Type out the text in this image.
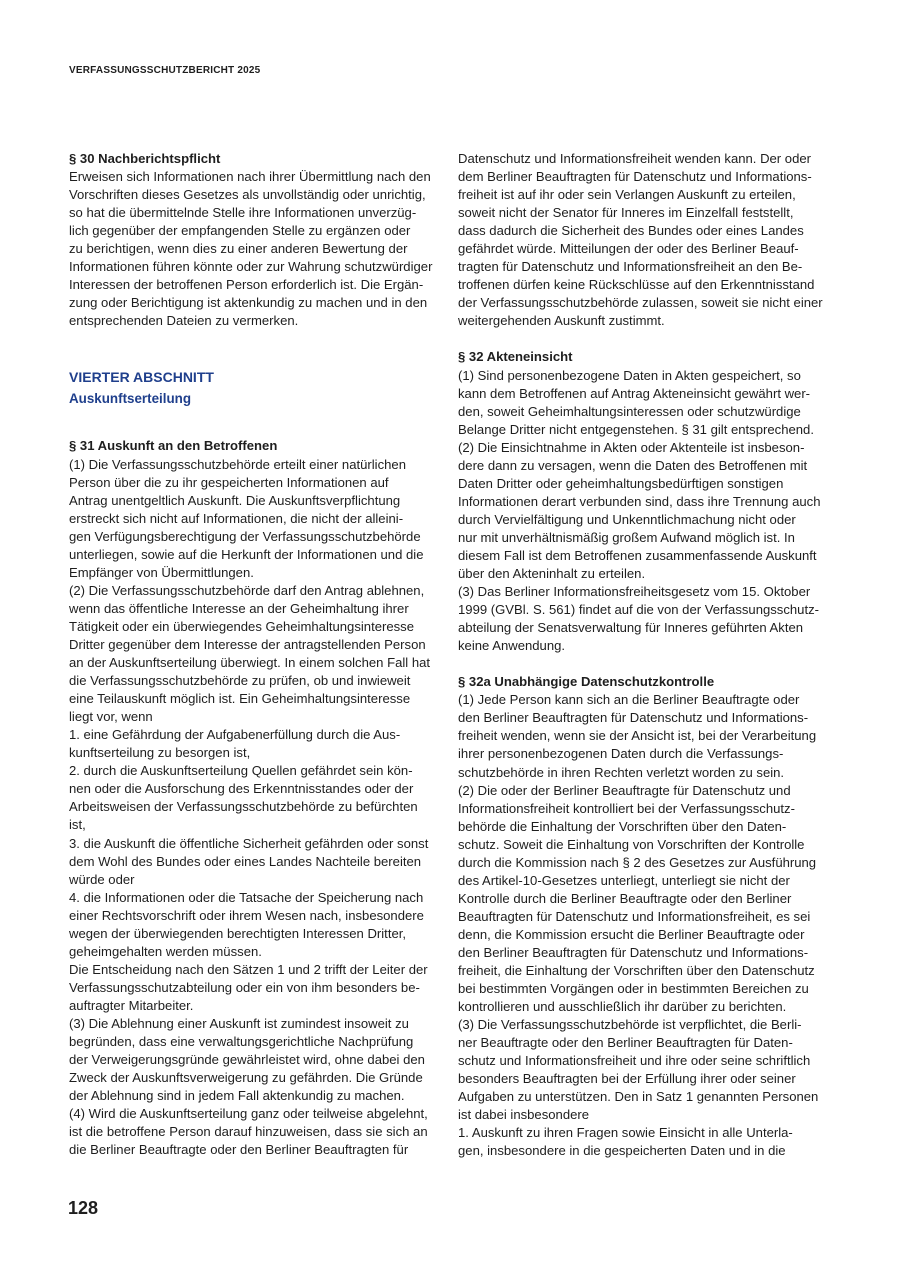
VERFASSUNGSSCHUTZBERICHT 2025

§ 30 Nachberichtspflicht

Erweisen sich Informationen nach ihrer Übermittlung nach den
Vorschriften dieses Gesetzes als unvollständig oder unrichtig,
so hat die übermittelnde Stelle ihre Informationen unverzüg-
lich gegenüber der empfangenden Stelle zu ergänzen oder
zu berichtigen, wenn dies zu einer anderen Bewertung der
Informationen führen könnte oder zur Wahrung schutzwürdiger
Interessen der betroffenen Person erforderlich ist. Die Ergän-
zung oder Berichtigung ist aktenkundig zu machen und in den
entsprechenden Dateien zu vermerken.
VIERTER ABSCHNITT
Auskunftserteilung

§ 31 Auskunft an den Betroffenen

(1) Die Verfassungsschutzbehörde erteilt einer natürlichen
Person über die zu ihr gespeicherten Informationen auf
Antrag unentgeltlich Auskunft. Die Auskunftsverpflichtung
erstreckt sich nicht auf Informationen, die nicht der alleini-
gen Verfügungsberechtigung der Verfassungsschutzbehörde
unterliegen, sowie auf die Herkunft der Informationen und die
Empfänger von Übermittlungen.
(2) Die Verfassungsschutzbehörde darf den Antrag ablehnen,
wenn das öffentliche Interesse an der Geheimhaltung ihrer
Tätigkeit oder ein überwiegendes Geheimhaltungsinteresse
Dritter gegenüber dem Interesse der antragstellenden Person
an der Auskunftserteilung überwiegt. In einem solchen Fall hat
die Verfassungsschutzbehörde zu prüfen, ob und inwieweit
eine Teilauskunft möglich ist. Ein Geheimhaltungsinteresse
liegt vor, wenn
1. eine Gefährdung der Aufgabenerfüllung durch die Aus-
kunftserteilung zu besorgen ist,
2. durch die Auskunftserteilung Quellen gefährdet sein kön-
nen oder die Ausforschung des Erkenntnisstandes oder der
Arbeitsweisen der Verfassungsschutzbehörde zu befürchten
ist,
3. die Auskunft die öffentliche Sicherheit gefährden oder sonst
dem Wohl des Bundes oder eines Landes Nachteile bereiten
würde oder
4. die Informationen oder die Tatsache der Speicherung nach
einer Rechtsvorschrift oder ihrem Wesen nach, insbesondere
wegen der überwiegenden berechtigten Interessen Dritter,
geheimgehalten werden müssen.
Die Entscheidung nach den Sätzen 1 und 2 trifft der Leiter der
Verfassungsschutzabteilung oder ein von ihm besonders be-
auftragter Mitarbeiter.
(3) Die Ablehnung einer Auskunft ist zumindest insoweit zu
begründen, dass eine verwaltungsgerichtliche Nachprüfung
der Verweigerungsgründe gewährleistet wird, ohne dabei den
Zweck der Auskunftsverweigerung zu gefährden. Die Gründe
der Ablehnung sind in jedem Fall aktenkundig zu machen.
(4) Wird die Auskunftserteilung ganz oder teilweise abgelehnt,
ist die betroffene Person darauf hinzuweisen, dass sie sich an
die Berliner Beauftragte oder den Berliner Beauftragten für
Datenschutz und Informationsfreiheit wenden kann. Der oder
dem Berliner Beauftragten für Datenschutz und Informations-
freiheit ist auf ihr oder sein Verlangen Auskunft zu erteilen,
soweit nicht der Senator für Inneres im Einzelfall feststellt,
dass dadurch die Sicherheit des Bundes oder eines Landes
gefährdet würde. Mitteilungen der oder des Berliner Beauf-
tragten für Datenschutz und Informationsfreiheit an den Be-
troffenen dürfen keine Rückschlüsse auf den Erkenntnisstand
der Verfassungsschutzbehörde zulassen, soweit sie nicht einer
weitergehenden Auskunft zustimmt.

§ 32 Akteneinsicht

(1) Sind personenbezogene Daten in Akten gespeichert, so
kann dem Betroffenen auf Antrag Akteneinsicht gewährt wer-
den, soweit Geheimhaltungsinteressen oder schutzwürdige
Belange Dritter nicht entgegenstehen. § 31 gilt entsprechend.
(2) Die Einsichtnahme in Akten oder Aktenteile ist insbeson-
dere dann zu versagen, wenn die Daten des Betroffenen mit
Daten Dritter oder geheimhaltungsbedürftigen sonstigen
Informationen derart verbunden sind, dass ihre Trennung auch
durch Vervielfältigung und Unkenntlichmachung nicht oder
nur mit unverhältnismäßig großem Aufwand möglich ist. In
diesem Fall ist dem Betroffenen zusammenfassende Auskunft
über den Akteninhalt zu erteilen.
(3) Das Berliner Informationsfreiheitsgesetz vom 15. Oktober
1999 (GVBl. S. 561) findet auf die von der Verfassungsschutz-
abteilung der Senatsverwaltung für Inneres geführten Akten
keine Anwendung.

§ 32a Unabhängige Datenschutzkontrolle

(1) Jede Person kann sich an die Berliner Beauftragte oder
den Berliner Beauftragten für Datenschutz und Informations-
freiheit wenden, wenn sie der Ansicht ist, bei der Verarbeitung
ihrer personenbezogenen Daten durch die Verfassungs-
schutzbehörde in ihren Rechten verletzt worden zu sein.
(2) Die oder der Berliner Beauftragte für Datenschutz und
Informationsfreiheit kontrolliert bei der Verfassungsschutz-
behörde die Einhaltung der Vorschriften über den Daten-
schutz. Soweit die Einhaltung von Vorschriften der Kontrolle
durch die Kommission nach § 2 des Gesetzes zur Ausführung
des Artikel-10-Gesetzes unterliegt, unterliegt sie nicht der
Kontrolle durch die Berliner Beauftragte oder den Berliner
Beauftragten für Datenschutz und Informationsfreiheit, es sei
denn, die Kommission ersucht die Berliner Beauftragte oder
den Berliner Beauftragten für Datenschutz und Informations-
freiheit, die Einhaltung der Vorschriften über den Datenschutz
bei bestimmten Vorgängen oder in bestimmten Bereichen zu
kontrollieren und ausschließlich ihr darüber zu berichten.
(3) Die Verfassungsschutzbehörde ist verpflichtet, die Berli-
ner Beauftragte oder den Berliner Beauftragten für Daten-
schutz und Informationsfreiheit und ihre oder seine schriftlich
besonders Beauftragten bei der Erfüllung ihrer oder seiner
Aufgaben zu unterstützen. Den in Satz 1 genannten Personen
ist dabei insbesondere
1. Auskunft zu ihren Fragen sowie Einsicht in alle Unterla-
gen, insbesondere in die gespeicherten Daten und in die
128
